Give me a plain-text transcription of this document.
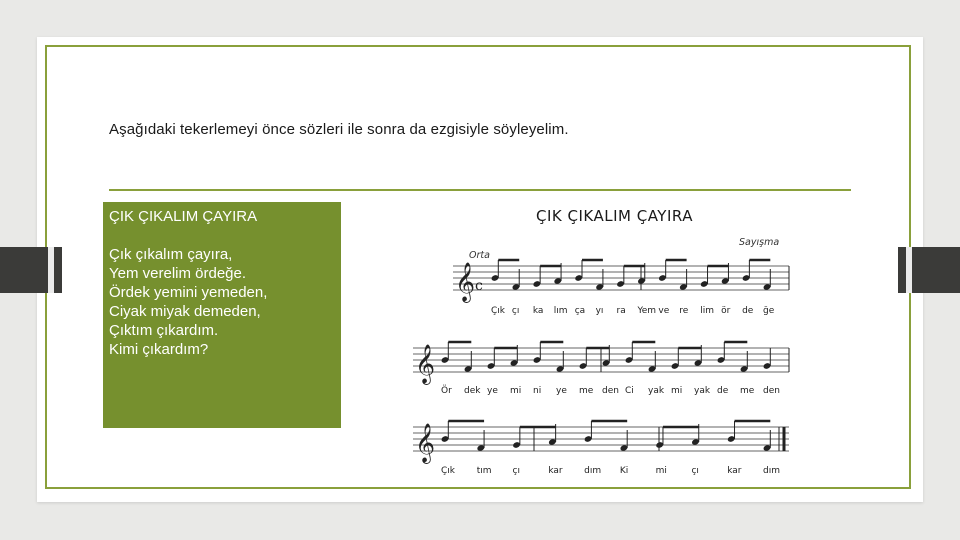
Aşağıdaki tekerlemeyi önce sözleri ile sonra da ezgisiyle söyleyelim.
ÇIK ÇIKALIM ÇAYIRA
Çık çıkalım çayıra,
Yem verelim ördeğe.
Ördek yemini yemeden,
Ciyak miyak demeden,
Çıktım çıkardım.
Kimi çıkardım?
ÇIK ÇIKALIM ÇAYIRA
Orta
Sayışma
𝄞
Çık çı ka lım ça yı ra Yem ve re lim ör de ğe
𝄞
Ör dek ye mi ni ye me den Ci yak mi yak de me den
𝄞
Çık tım çı	kar dım Ki	mi	çı	kar dım
c
